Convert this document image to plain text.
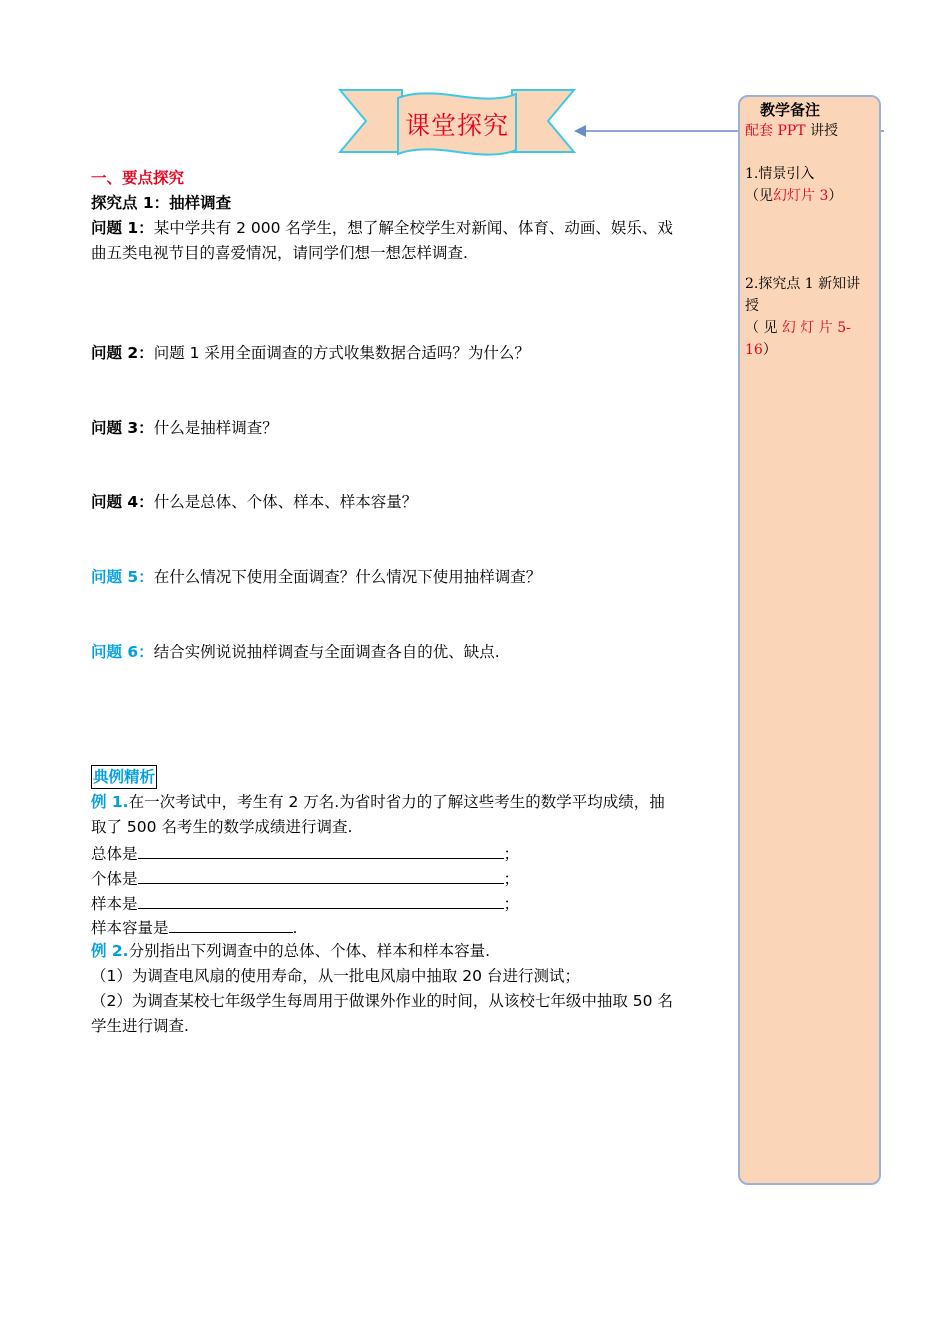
课堂探究
一、要点探究
探究点 1：抽样调查
问题 1：某中学共有 2 000 名学生，想了解全校学生对新闻、体育、动画、娱乐、戏
曲五类电视节目的喜爱情况，请同学们想一想怎样调查.
问题 2：问题 1 采用全面调查的方式收集数据合适吗？为什么？
问题 3：什么是抽样调查？
问题 4：什么是总体、个体、样本、样本容量？
问题 5：在什么情况下使用全面调查？什么情况下使用抽样调查？
问题 6：结合实例说说抽样调查与全面调查各自的优、缺点.
典例精析
例 1.在一次考试中，考生有 2 万名.为省时省力的了解这些考生的数学平均成绩，抽
取了 500 名考生的数学成绩进行调查.
总体是	；
个体是	；
样本是	；
样本容量是	.
例 2.分别指出下列调查中的总体、个体、样本和样本容量.
（1）为调查电风扇的使用寿命，从一批电风扇中抽取 20 台进行测试；
（2）为调查某校七年级学生每周用于做课外作业的时间，从该校七年级中抽取 50 名
学生进行调查.
教学备注
配套 PPT 讲授
1.情景引入
（见幻灯片 3）
2.探究点 1 新知讲
授
（ 见 幻 灯 片 5-
16）
